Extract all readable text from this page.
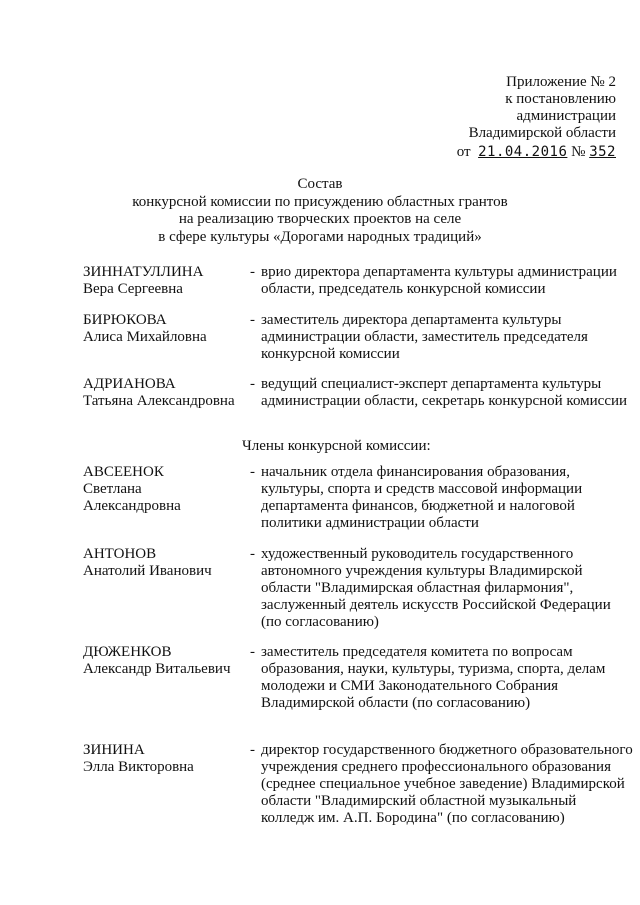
Приложение № 2
к постановлению
администрации
Владимирской области
от 21.04.2016 № 352
Состав
конкурсной комиссии по присуждению областных грантов
на реализацию творческих проектов на селе
в сфере культуры «Дорогами народных традиций»
ЗИННАТУЛЛИНА
Вера Сергеевна
- врио директора департамента культуры администрации области, председатель конкурсной комиссии
БИРЮКОВА
Алиса Михайловна
- заместитель директора департамента культуры администрации области, заместитель председателя конкурсной комиссии
АДРИАНОВА
Татьяна Александровна
- ведущий специалист-эксперт департамента культуры администрации области, секретарь конкурсной комиссии
Члены конкурсной комиссии:
АВСЕЕНОК
Светлана
Александровна
- начальник отдела финансирования образования, культуры, спорта и средств массовой информации департамента финансов, бюджетной и налоговой политики администрации области
АНТОНОВ
Анатолий Иванович
- художественный руководитель государственного автономного учреждения культуры Владимирской области "Владимирская областная филармония", заслуженный деятель искусств Российской Федерации (по согласованию)
ДЮЖЕНКОВ
Александр Витальевич
- заместитель председателя комитета по вопросам образования, науки, культуры, туризма, спорта, делам молодежи и СМИ Законодательного Собрания Владимирской области (по согласованию)
ЗИНИНА
Элла Викторовна
- директор государственного бюджетного образовательного учреждения среднего профессионального образования (среднее специальное учебное заведение) Владимирской области "Владимирский областной музыкальный колледж им. А.П. Бородина" (по согласованию)
